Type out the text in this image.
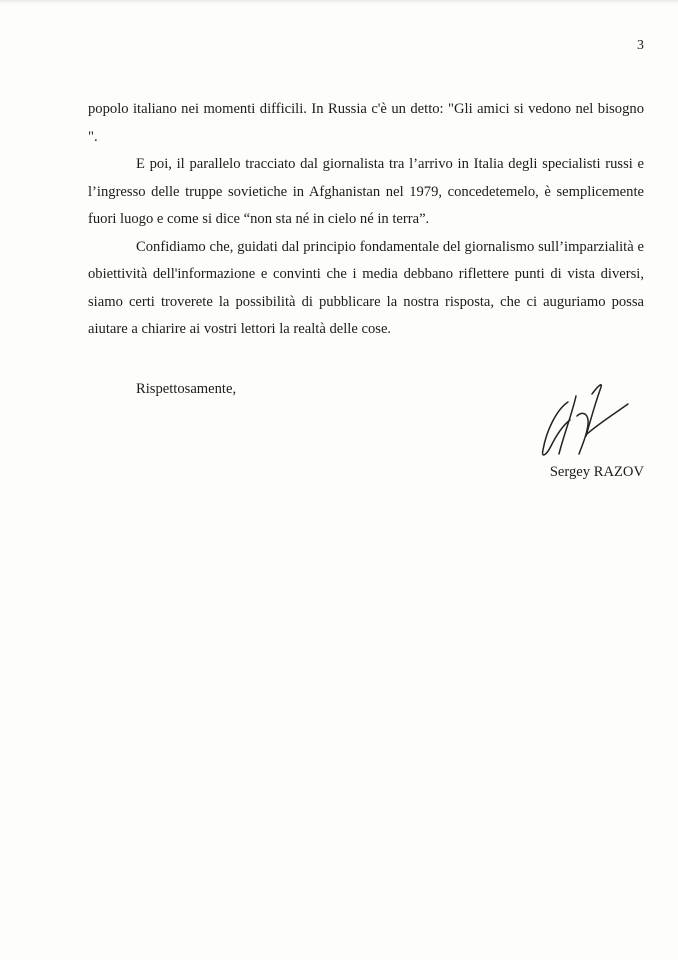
3

popolo italiano nei momenti difficili. In Russia c'è un detto: "Gli amici si vedono nel bisogno ".

E poi, il parallelo tracciato dal giornalista tra l’arrivo in Italia degli specialisti russi e l’ingresso delle truppe sovietiche in Afghanistan nel 1979, concedetemelo, è semplicemente fuori luogo e come si dice “non sta né in cielo né in terra”.

Confidiamo che, guidati dal principio fondamentale del giornalismo sull’imparzialità e obiettività dell'informazione e convinti che i media debbano riflettere punti di vista diversi, siamo certi troverete la possibilità di pubblicare la nostra risposta, che ci auguriamo possa aiutare a chiarire ai vostri lettori la realtà delle cose.

Rispettosamente,

Sergey RAZOV
